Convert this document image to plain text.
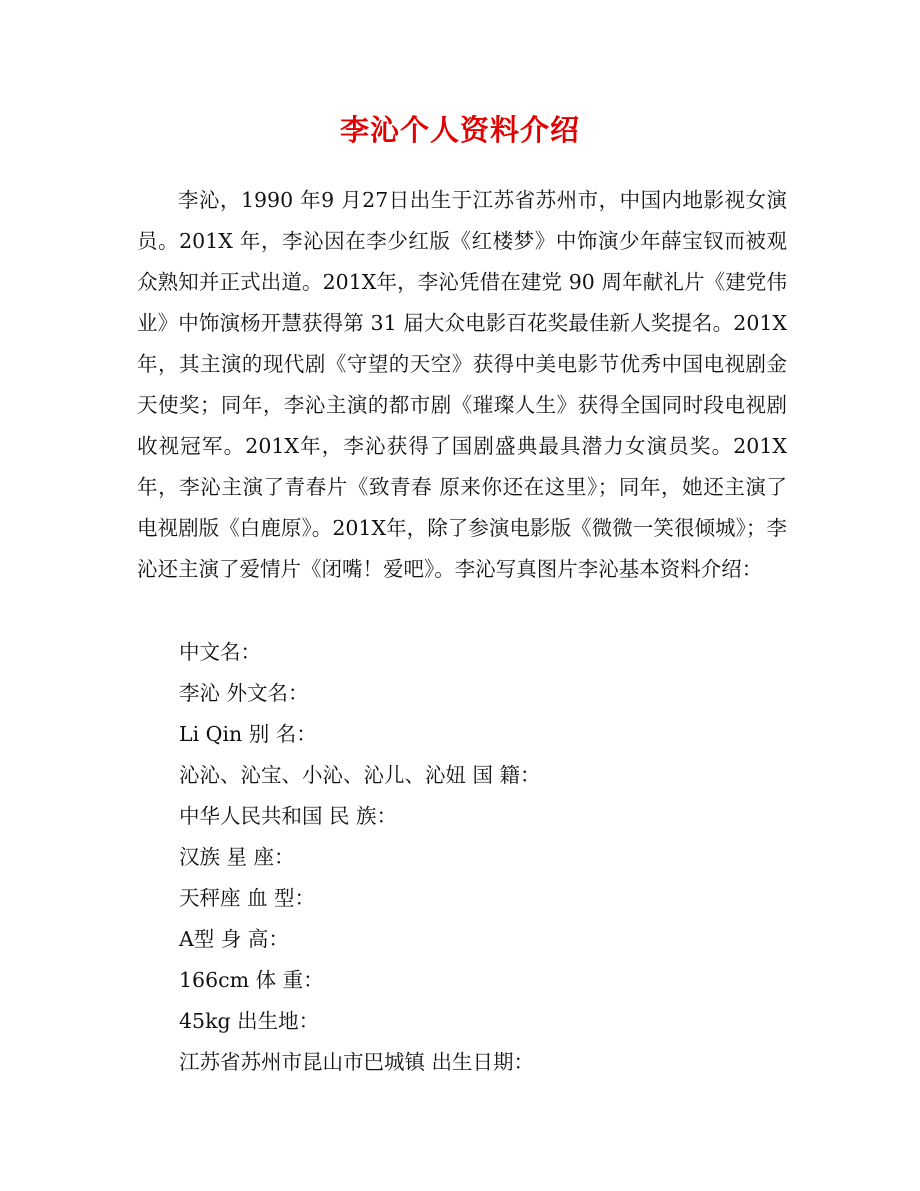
李沁个人资料介绍

李沁，1990 年9 月27日出生于江苏省苏州市，中国内地影视女演员。201X 年，李沁因在李少红版《红楼梦》中饰演少年薛宝钗而被观众熟知并正式出道。201X年，李沁凭借在建党 90 周年献礼片《建党伟业》中饰演杨开慧获得第 31 届大众电影百花奖最佳新人奖提名。201X 年，其主演的现代剧《守望的天空》获得中美电影节优秀中国电视剧金天使奖；同年，李沁主演的都市剧《璀璨人生》获得全国同时段电视剧收视冠军。201X年，李沁获得了国剧盛典最具潜力女演员奖。201X年，李沁主演了青春片《致青春 原来你还在这里》；同年，她还主演了电视剧版《白鹿原》。201X年，除了参演电影版《微微一笑很倾城》；李沁还主演了爱情片《闭嘴！爱吧》。李沁写真图片李沁基本资料介绍：

中文名：

李沁 外文名：

Li Qin 别 名：

沁沁、沁宝、小沁、沁儿、沁妞 国 籍：

中华人民共和国 民 族：

汉族 星 座：

天秤座 血 型：

A型 身 高：

166cm 体 重：

45kg 出生地：

江苏省苏州市昆山市巴城镇 出生日期：
